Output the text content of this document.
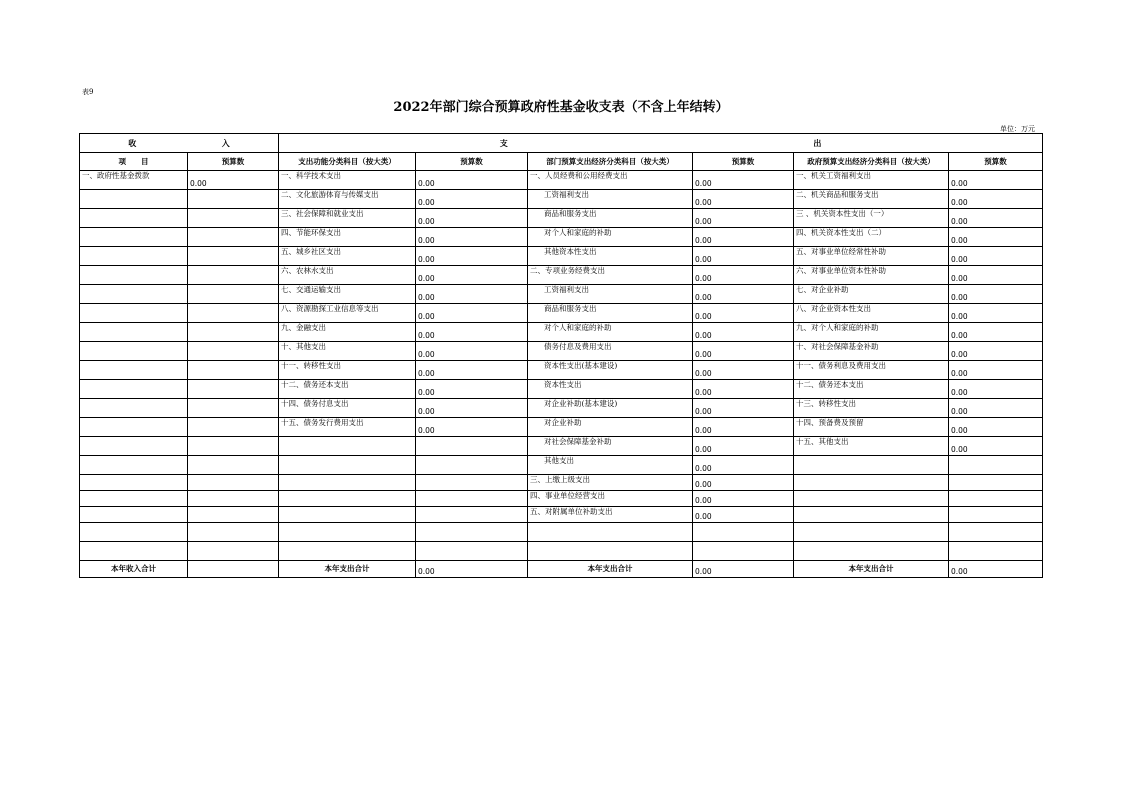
表9
2022年部门综合预算政府性基金收支表（不含上年结转）
单位：万元
收 入		支 出					
项　　目	预算数	支出功能分类科目（按大类）	预算数	部门预算支出经济分类科目（按大类）	预算数	政府预算支出经济分类科目（按大类）	预算数
一、政府性基金拨款	0.00	一、科学技术支出	0.00	一、人员经费和公用经费支出	0.00	一、机关工资福利支出	0.00
		二、文化旅游体育与传媒支出	0.00	工资福利支出	0.00	二、机关商品和服务支出	0.00
		三、社会保障和就业支出	0.00	商品和服务支出	0.00	三 、机关资本性支出（一）	0.00
		四、节能环保支出	0.00	对个人和家庭的补助	0.00	四、机关资本性支出（二）	0.00
		五、城乡社区支出	0.00	其他资本性支出	0.00	五、对事业单位经常性补助	0.00
		六、农林水支出	0.00	二、专项业务经费支出	0.00	六、对事业单位资本性补助	0.00
		七、交通运输支出	0.00	工资福利支出	0.00	七、对企业补助	0.00
		八、资源勘探工业信息等支出	0.00	商品和服务支出	0.00	八、对企业资本性支出	0.00
		九、金融支出	0.00	对个人和家庭的补助	0.00	九、对个人和家庭的补助	0.00
		十、其他支出	0.00	债务付息及费用支出	0.00	十、对社会保障基金补助	0.00
		十一、转移性支出	0.00	资本性支出(基本建设)	0.00	十一、债务利息及费用支出	0.00
		十二、债务还本支出	0.00	资本性支出	0.00	十二、债务还本支出	0.00
		十四、债务付息支出	0.00	对企业补助(基本建设)	0.00	十三、转移性支出	0.00
		十五、债务发行费用支出	0.00	对企业补助	0.00	十四、预备费及预留	0.00
				对社会保障基金补助	0.00	十五、其他支出	0.00
				其他支出	0.00		
				三、上缴上级支出	0.00		
				四、事业单位经营支出	0.00		
				五、对附属单位补助支出	0.00		

本年收入合计		本年支出合计	0.00	本年支出合计	0.00	本年支出合计	0.00
